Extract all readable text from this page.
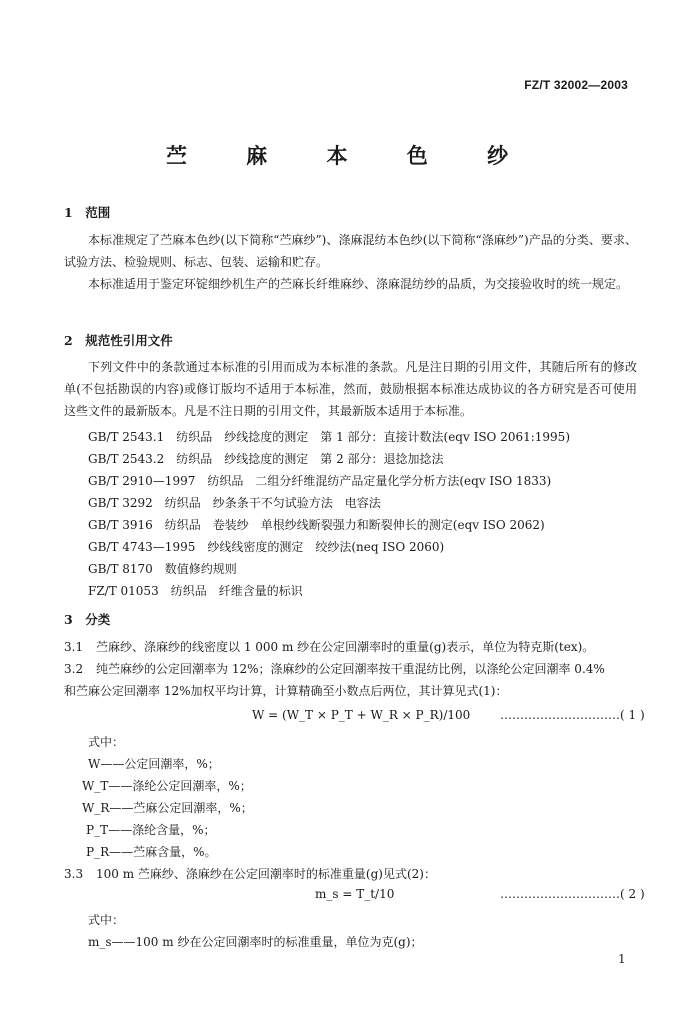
FZ/T 32002—2003
苎 麻 本 色 纱
1　范围
本标准规定了苎麻本色纱(以下简称“苎麻纱”)、涤麻混纺本色纱(以下简称“涤麻纱”)产品的分类、要求、试验方法、检验规则、标志、包装、运输和贮存。
本标准适用于鉴定环锭细纱机生产的苎麻长纤维麻纱、涤麻混纺纱的品质，为交接验收时的统一规定。
2　规范性引用文件
下列文件中的条款通过本标准的引用而成为本标准的条款。凡是注日期的引用文件，其随后所有的修改单(不包括勘误的内容)或修订版均不适用于本标准，然而，鼓励根据本标准达成协议的各方研究是否可使用这些文件的最新版本。凡是不注日期的引用文件，其最新版本适用于本标准。
GB/T 2543.1　纺织品　纱线捻度的测定　第 1 部分：直接计数法(eqv ISO 2061:1995)
GB/T 2543.2　纺织品　纱线捻度的测定　第 2 部分：退捻加捻法
GB/T 2910—1997　纺织品　二组分纤维混纺产品定量化学分析方法(eqv ISO 1833)
GB/T 3292　纺织品　纱条条干不匀试验方法　电容法
GB/T 3916　纺织品　卷装纱　单根纱线断裂强力和断裂伸长的测定(eqv ISO 2062)
GB/T 4743—1995　纱线线密度的测定　绞纱法(neq ISO 2060)
GB/T 8170　数值修约规则
FZ/T 01053　纺织品　纤维含量的标识
3　分类
3.1 苎麻纱、涤麻纱的线密度以 1 000 m 纱在公定回潮率时的重量(g)表示，单位为特克斯(tex)。
3.2 纯苎麻纱的公定回潮率为 12%；涤麻纱的公定回潮率按干重混纺比例，以涤纶公定回潮率 0.4%
和苎麻公定回潮率 12%加权平均计算，计算精确至小数点后两位，其计算见式(1)：
W = (W_T × P_T + W_R × P_R)/100 …………………………( 1 )
式中：
W——公定回潮率，%；
W_T——涤纶公定回潮率，%；
W_R——苎麻公定回潮率，%；
P_T——涤纶含量，%；
P_R——苎麻含量，%。
3.3 100 m 苎麻纱、涤麻纱在公定回潮率时的标准重量(g)见式(2)：
m_s = T_t/10	…………………………( 2 )
式中：
m_s——100 m 纱在公定回潮率时的标准重量，单位为克(g)；
1
